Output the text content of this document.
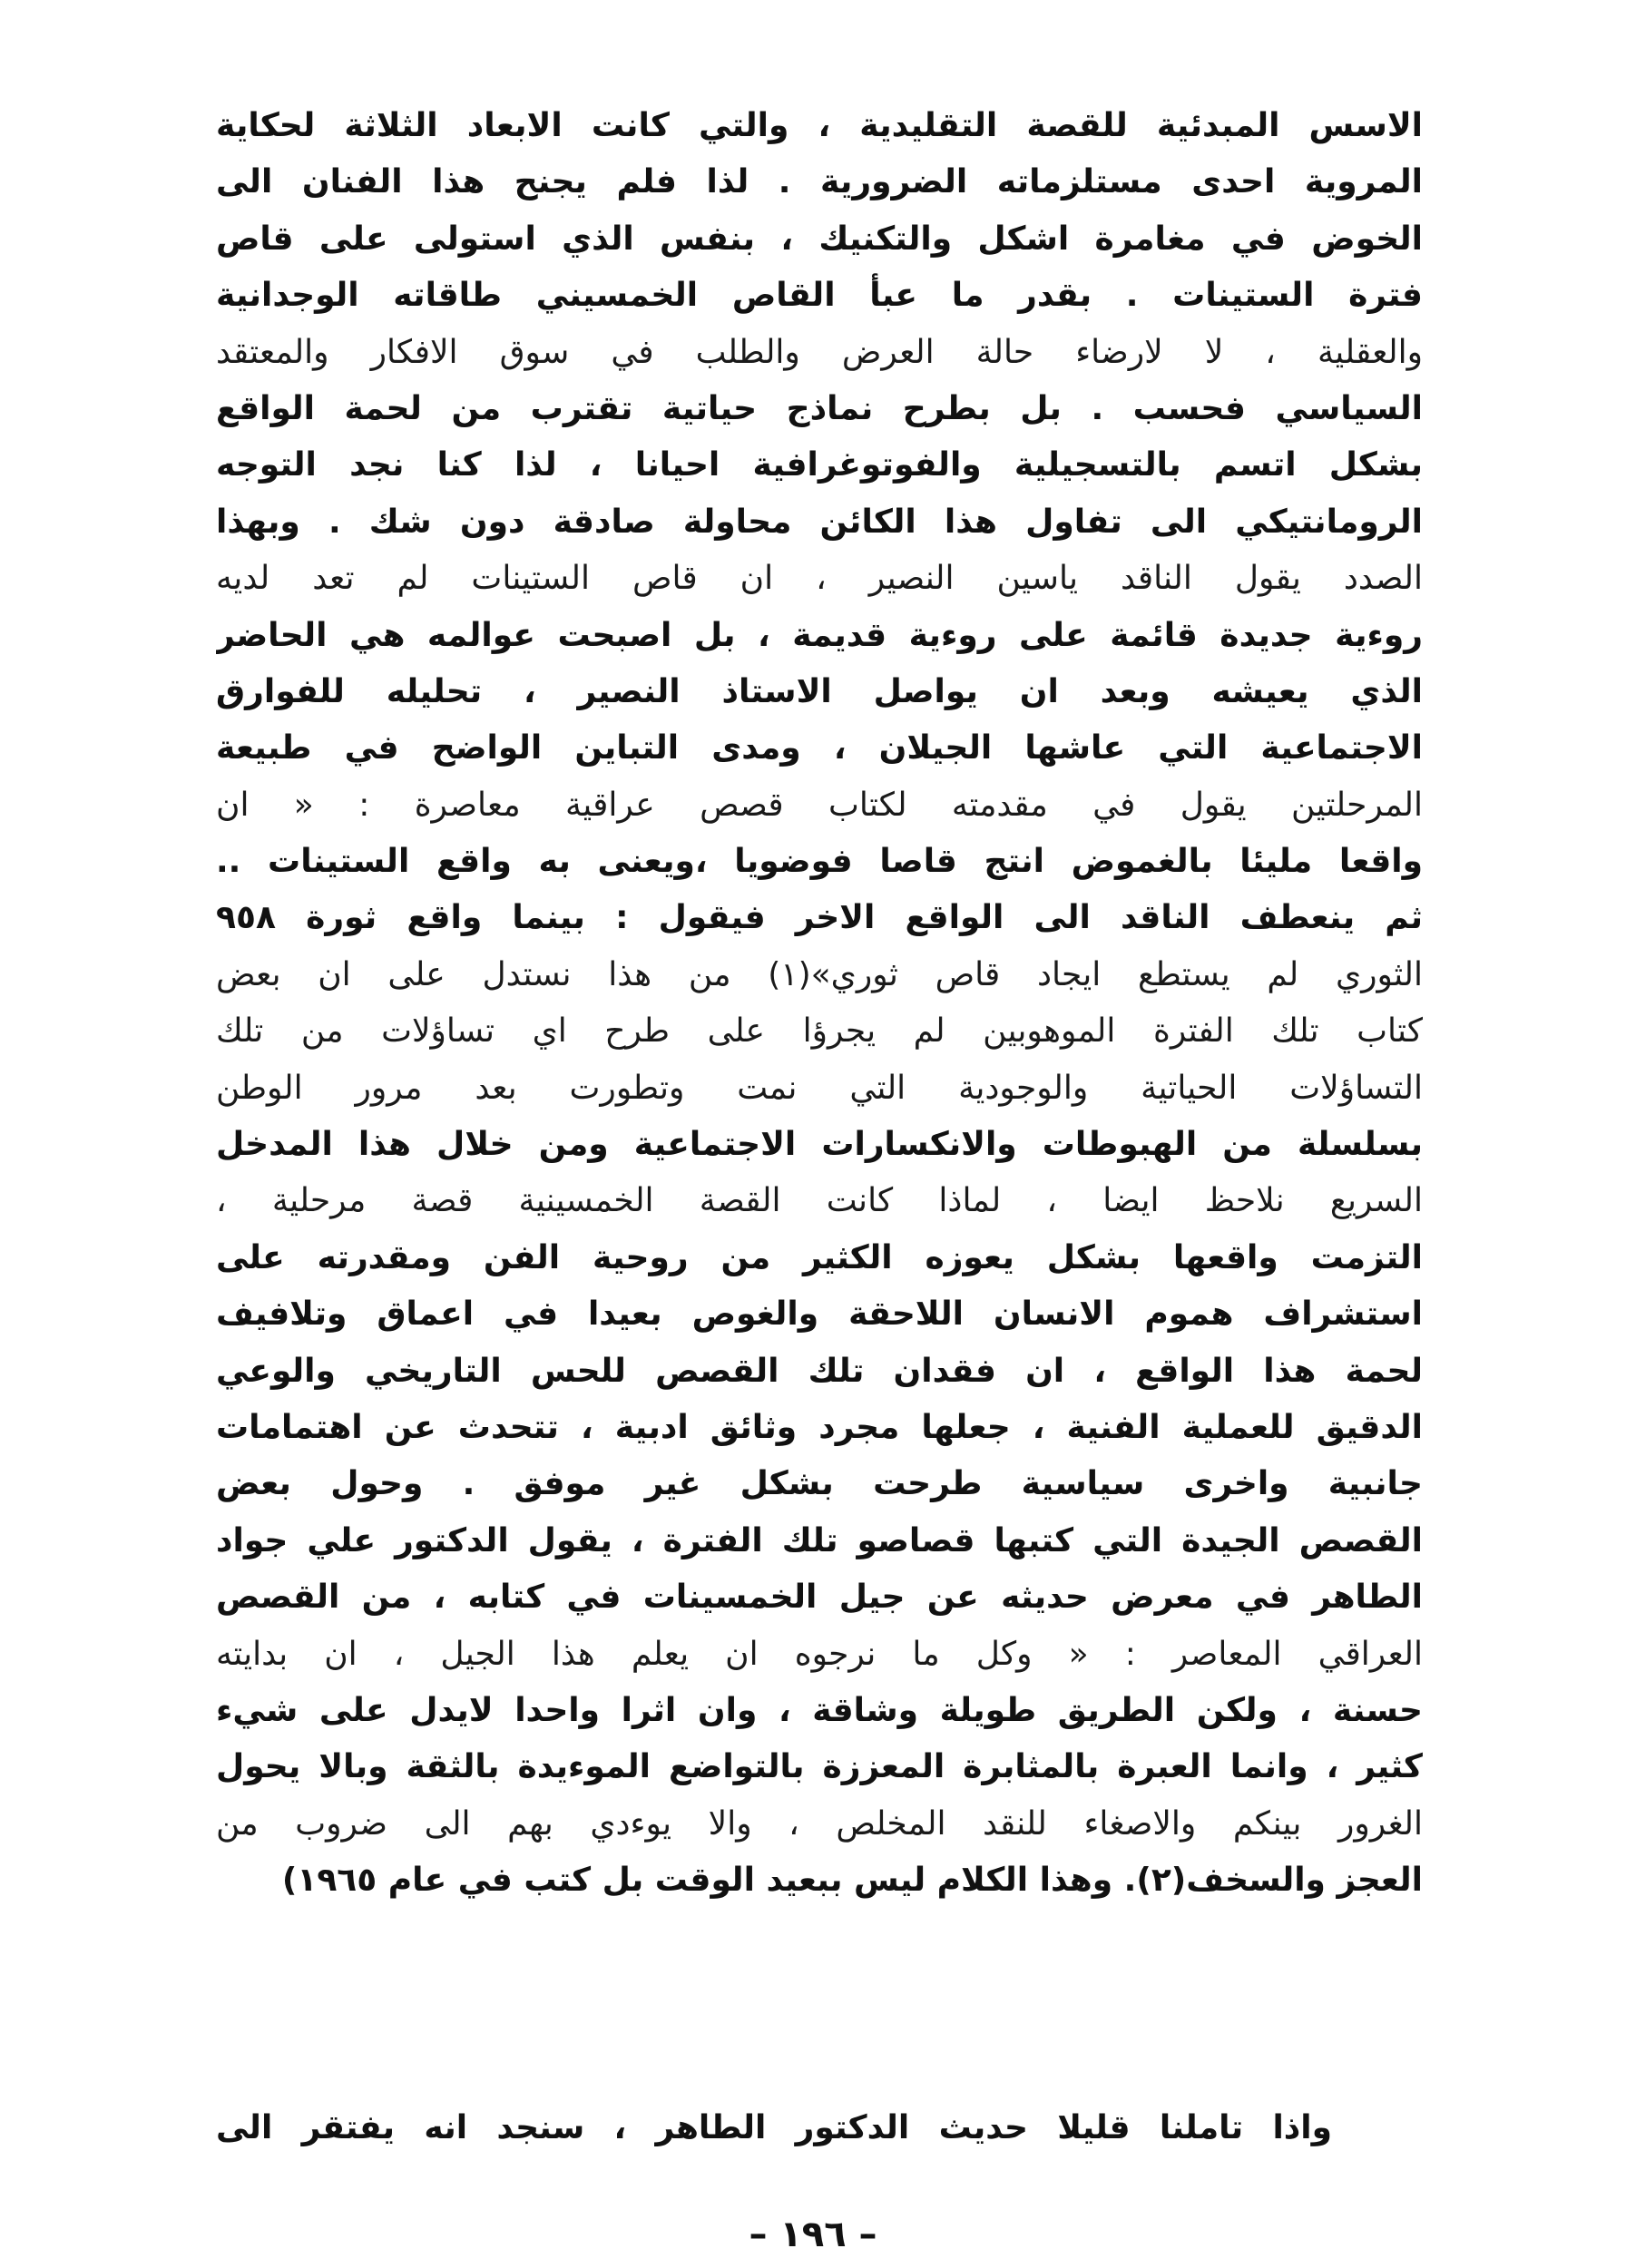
الاسس المبدئية للقصة التقليدية ، والتي كانت الابعاد الثلاثة لحكاية
المروية احدى مستلزماته الضرورية . لذا فلم يجنح هذا الفنان الى
الخوض في مغامرة اشكل والتكنيك ، بنفس الذي استولى على قاص
فترة الستينات . بقدر ما عبأ القاص الخمسيني طاقاته الوجدانية
والعقلية ، لا لارضاء حالة العرض والطلب في سوق الافكار والمعتقد
السياسي فحسب . بل بطرح نماذج حياتية تقترب من لحمة الواقع
بشكل اتسم بالتسجيلية والفوتوغرافية احيانا ، لذا كنا نجد التوجه
الرومانتيكي الى تفاول هذا الكائن محاولة صادقة دون شك . وبهذا
الصدد يقول الناقد ياسين النصير ، ان قاص الستينات لم تعد لديه
روءية جديدة قائمة على روءية قديمة ، بل اصبحت عوالمه هي الحاضر
الذي يعيشه وبعد ان يواصل الاستاذ النصير ، تحليله للفوارق
الاجتماعية التي عاشها الجيلان ، ومدى التباين الواضح في طبيعة
المرحلتين يقول في مقدمته لكتاب قصص عراقية معاصرة : « ان
واقعا مليئا بالغموض انتج قاصا فوضويا ،ويعنى به واقع الستينات ..
ثم ينعطف الناقد الى الواقع الاخر فيقول : بينما واقع ثورة ٩٥٨
الثوري لم يستطع ايجاد قاص ثوري»(١) من هذا نستدل على ان بعض
كتاب تلك الفترة الموهوبين لم يجرؤا على طرح اي تساؤلات من تلك
التساؤلات الحياتية والوجودية التي نمت وتطورت بعد مرور الوطن
بسلسلة من الهبوطات والانكسارات الاجتماعية ومن خلال هذا المدخل
السريع نلاحظ ايضا ، لماذا كانت القصة الخمسينية قصة مرحلية ،
التزمت واقعها بشكل يعوزه الكثير من روحية الفن ومقدرته على
استشراف هموم الانسان اللاحقة والغوص بعيدا في اعماق وتلافيف
لحمة هذا الواقع ، ان فقدان تلك القصص للحس التاريخي والوعي
الدقيق للعملية الفنية ، جعلها مجرد وثائق ادبية ، تتحدث عن اهتمامات
جانبية واخرى سياسية طرحت بشكل غير موفق . وحول بعض
القصص الجيدة التي كتبها قصاصو تلك الفترة ، يقول الدكتور علي جواد
الطاهر في معرض حديثه عن جيل الخمسينات في كتابه ، من القصص
العراقي المعاصر : « وكل ما نرجوه ان يعلم هذا الجيل ، ان بدايته
حسنة ، ولكن الطريق طويلة وشاقة ، وان اثرا واحدا لايدل على شيء
كثير ، وانما العبرة بالمثابرة المعززة بالتواضع الموءيدة بالثقة وبالا يحول
الغرور بينكم والاصغاء للنقد المخلص ، والا يوءدي بهم الى ضروب من
العجز والسخف(٢). وهذا الكلام ليس ببعيد الوقت بل كتب في عام ١٩٦٥)
واذا تاملنا قليلا حديث الدكتور الطاهر ، سنجد انه يفتقر الى
– ١٩٦ –
